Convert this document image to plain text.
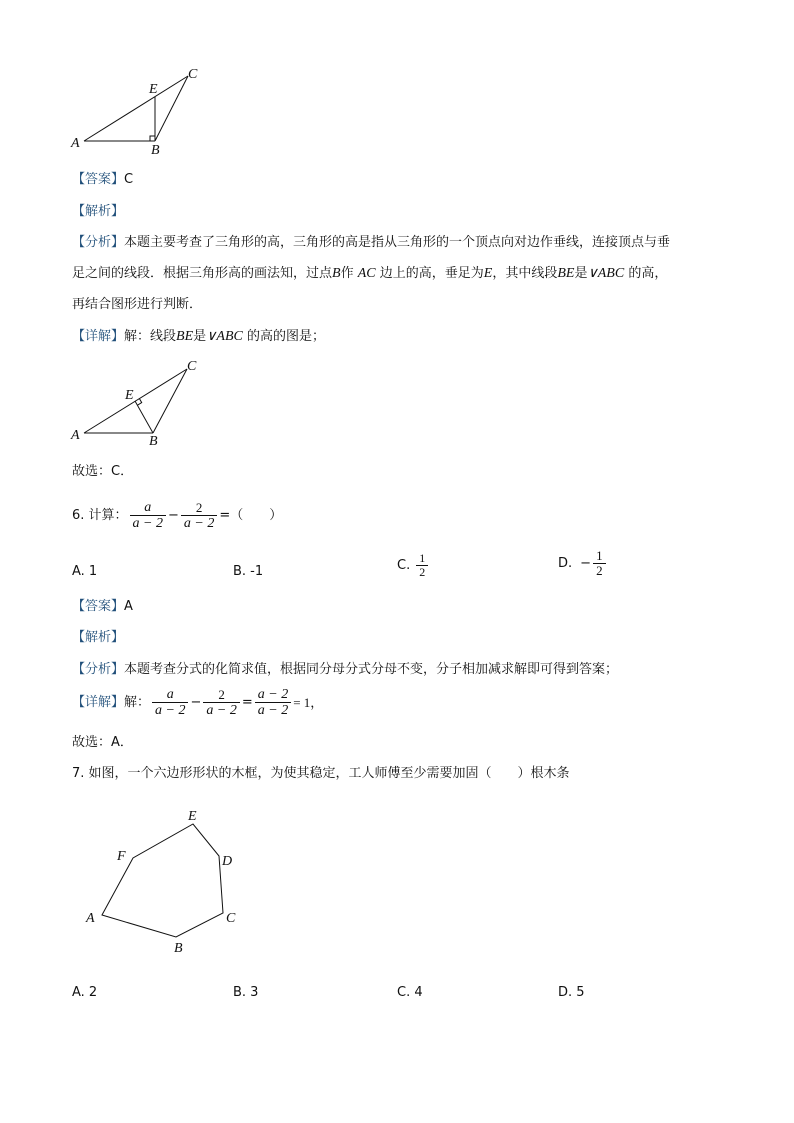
A	B
C
E
【答案】C
【解析】
【分析】本题主要考查了三角形的高，三角形的高是指从三角形的一个顶点向对边作垂线，连接顶点与垂
足之间的线段．根据三角形高的画法知，过点B作 AC 边上的高，垂足为E，其中线段BE是∨ABC 的高，
再结合图形进行判断．
【详解】解：线段BE是∨ABC 的高的图是；
A	B
C
E
故选：C．
6. 计算： $\frac{a}{a - 2} - \frac{2}{a - 2}$ =（　　）
A. 1	B. -1	C. $\frac{1}{2}$	D. − $\frac{1}{2}$
【答案】A
【解析】
【分析】本题考查分式的化简求值，根据同分母分式分母不变，分子相加减求解即可得到答案；
【详解】 解： $\frac{a}{a - 2} - \frac{2}{a - 2} = \frac{a - 2}{a - 2} = 1$，
故选：A．
7. 如图，一个六边形形状的木框，为使其稳定，工人师傅至少需要加固（　　）根木条
A
B
C
D
E
F
A. 2	B. 3	C. 4	D. 5
